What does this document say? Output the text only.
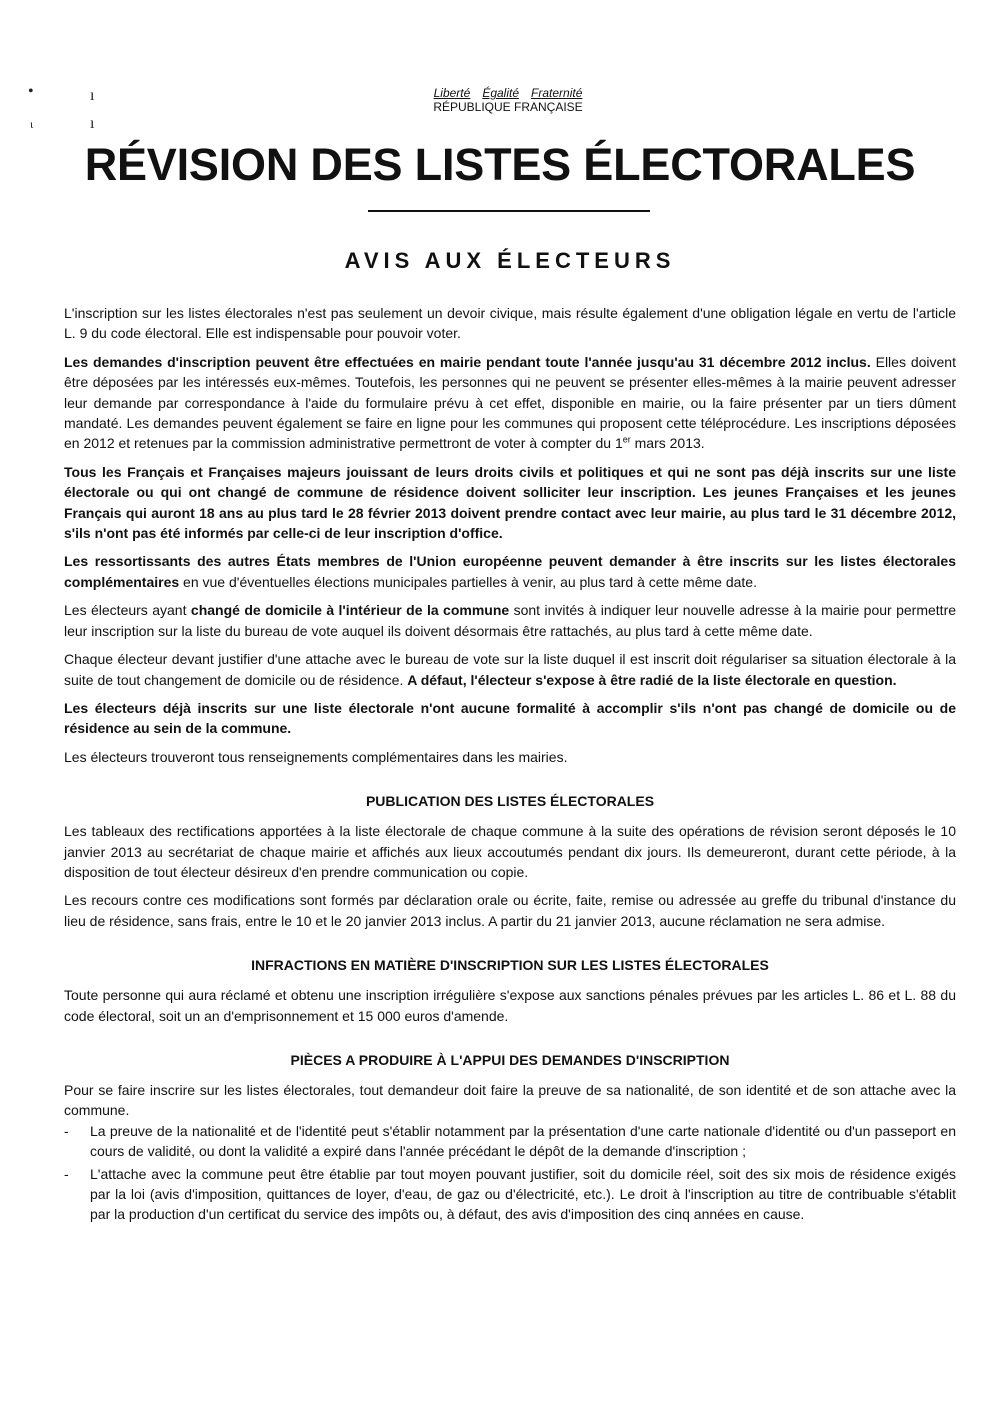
•	ı
ι	ı
Liberté Égalité Fraternité
RÉPUBLIQUE FRANÇAISE
RÉVISION DES LISTES ÉLECTORALES
AVIS AUX ÉLECTEURS

L'inscription sur les listes électorales n'est pas seulement un devoir civique, mais résulte également d'une obligation légale en vertu de l'article L. 9 du code électoral. Elle est indispensable pour pouvoir voter.

Les demandes d'inscription peuvent être effectuées en mairie pendant toute l'année jusqu'au 31 décembre 2012 inclus. Elles doivent être déposées par les intéressés eux-mêmes. Toutefois, les personnes qui ne peuvent se présenter elles-mêmes à la mairie peuvent adresser leur demande par correspondance à l'aide du formulaire prévu à cet effet, disponible en mairie, ou la faire présenter par un tiers dûment mandaté. Les demandes peuvent également se faire en ligne pour les communes qui proposent cette téléprocédure. Les inscriptions déposées en 2012 et retenues par la commission administrative permettront de voter à compter du 1er mars 2013.

Tous les Français et Françaises majeurs jouissant de leurs droits civils et politiques et qui ne sont pas déjà inscrits sur une liste électorale ou qui ont changé de commune de résidence doivent solliciter leur inscription. Les jeunes Françaises et les jeunes Français qui auront 18 ans au plus tard le 28 février 2013 doivent prendre contact avec leur mairie, au plus tard le 31 décembre 2012, s'ils n'ont pas été informés par celle-ci de leur inscription d'office.

Les ressortissants des autres États membres de l'Union européenne peuvent demander à être inscrits sur les listes électorales complémentaires en vue d'éventuelles élections municipales partielles à venir, au plus tard à cette même date.

Les électeurs ayant changé de domicile à l'intérieur de la commune sont invités à indiquer leur nouvelle adresse à la mairie pour permettre leur inscription sur la liste du bureau de vote auquel ils doivent désormais être rattachés, au plus tard à cette même date.

Chaque électeur devant justifier d'une attache avec le bureau de vote sur la liste duquel il est inscrit doit régulariser sa situation électorale à la suite de tout changement de domicile ou de résidence. A défaut, l'électeur s'expose à être radié de la liste électorale en question.

Les électeurs déjà inscrits sur une liste électorale n'ont aucune formalité à accomplir s'ils n'ont pas changé de domicile ou de résidence au sein de la commune.

Les électeurs trouveront tous renseignements complémentaires dans les mairies.

PUBLICATION DES LISTES ÉLECTORALES

Les tableaux des rectifications apportées à la liste électorale de chaque commune à la suite des opérations de révision seront déposés le 10 janvier 2013 au secrétariat de chaque mairie et affichés aux lieux accoutumés pendant dix jours. Ils demeureront, durant cette période, à la disposition de tout électeur désireux d'en prendre communication ou copie.

Les recours contre ces modifications sont formés par déclaration orale ou écrite, faite, remise ou adressée au greffe du tribunal d'instance du lieu de résidence, sans frais, entre le 10 et le 20 janvier 2013 inclus. A partir du 21 janvier 2013, aucune réclamation ne sera admise.

INFRACTIONS EN MATIÈRE D'INSCRIPTION SUR LES LISTES ÉLECTORALES

Toute personne qui aura réclamé et obtenu une inscription irrégulière s'expose aux sanctions pénales prévues par les articles L. 86 et L. 88 du code électoral, soit un an d'emprisonnement et 15 000 euros d'amende.

PIÈCES A PRODUIRE À L'APPUI DES DEMANDES D'INSCRIPTION

Pour se faire inscrire sur les listes électorales, tout demandeur doit faire la preuve de sa nationalité, de son identité et de son attache avec la commune.

- La preuve de la nationalité et de l'identité peut s'établir notamment par la présentation d'une carte nationale d'identité ou d'un passeport en cours de validité, ou dont la validité a expiré dans l'année précédant le dépôt de la demande d'inscription ;
- L'attache avec la commune peut être établie par tout moyen pouvant justifier, soit du domicile réel, soit des six mois de résidence exigés par la loi (avis d'imposition, quittances de loyer, d'eau, de gaz ou d'électricité, etc.). Le droit à l'inscription au titre de contribuable s'établit par la production d'un certificat du service des impôts ou, à défaut, des avis d'imposition des cinq années en cause.
